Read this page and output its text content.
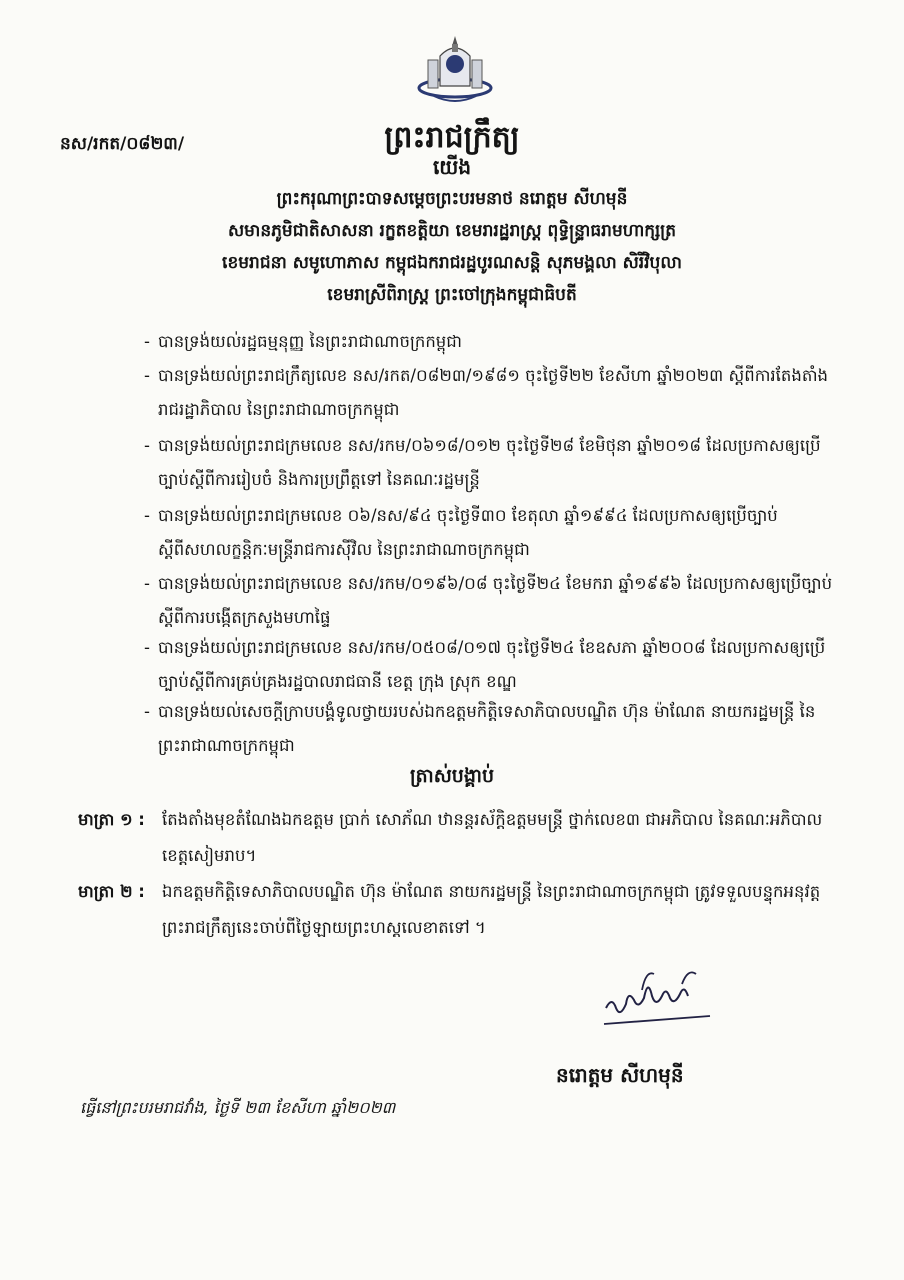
នស/រកត/០៨២៣/	ព្រះរាជក្រឹត្យ
យើង
ព្រះករុណាព្រះបាទសម្តេចព្រះបរមនាថ នរោត្តម សីហមុនី
សមានភូមិជាតិសាសនា រក្ខតខត្តិយា ខេមរារដ្ឋរាស្ត្រ ពុទ្ធិន្ទ្រាធរាមហាក្សត្រ
ខេមរាជនា សមូហោភាស កម្ពុជឯករាជរដ្ឋបូរណសន្តិ សុភមង្គលា សិរីវិបុលា
ខេមរាស្រីពិរាស្ត្រ ព្រះចៅក្រុងកម្ពុជាធិបតី
- បានទ្រង់យល់រដ្ឋធម្មនុញ្ញ នៃព្រះរាជាណាចក្រកម្ពុជា
- បានទ្រង់យល់ព្រះរាជក្រឹត្យលេខ នស/រកត/០៨២៣/១៩៨១ ចុះថ្ងៃទី២២ ខែសីហា ឆ្នាំ២០២៣ ស្តីពីការតែងតាំងរាជរដ្ឋាភិបាល នៃព្រះរាជាណាចក្រកម្ពុជា
- បានទ្រង់យល់ព្រះរាជក្រមលេខ នស/រកម/០៦១៨/០១២ ចុះថ្ងៃទី២៨ ខែមិថុនា ឆ្នាំ២០១៨ ដែលប្រកាសឲ្យប្រើច្បាប់ស្តីពីការរៀបចំ និងការប្រព្រឹត្តទៅ នៃគណៈរដ្ឋមន្ត្រី
- បានទ្រង់យល់ព្រះរាជក្រមលេខ ០៦/នស/៩៤ ចុះថ្ងៃទី៣០ ខែតុលា ឆ្នាំ១៩៩៤ ដែលប្រកាសឲ្យប្រើច្បាប់ស្តីពីសហលក្ខន្តិកៈមន្ត្រីរាជការស៊ីវិល នៃព្រះរាជាណាចក្រកម្ពុជា
- បានទ្រង់យល់ព្រះរាជក្រមលេខ នស/រកម/០១៩៦/០៨ ចុះថ្ងៃទី២៤ ខែមករា ឆ្នាំ១៩៩៦ ដែលប្រកាសឲ្យប្រើច្បាប់ស្តីពីការបង្កើតក្រសួងមហាផ្ទៃ
- បានទ្រង់យល់ព្រះរាជក្រមលេខ នស/រកម/០៥០៨/០១៧ ចុះថ្ងៃទី២៤ ខែឧសភា ឆ្នាំ២០០៨ ដែលប្រកាសឲ្យប្រើច្បាប់ស្តីពីការគ្រប់គ្រងរដ្ឋបាលរាជធានី ខេត្ត ក្រុង ស្រុក ខណ្ឌ
- បានទ្រង់យល់សេចក្តីក្រាបបង្គំទូលថ្វាយរបស់ឯកឧត្តមកិត្តិទេសាភិបាលបណ្ឌិត ហ៊ុន ម៉ាណែត នាយករដ្ឋមន្ត្រី នៃព្រះរាជាណាចក្រកម្ពុជា
ត្រាស់បង្គាប់
មាត្រា ១ :	តែងតាំងមុខតំណែងឯកឧត្តម ប្រាក់ សោភ័ណ ឋានន្តរស័ក្តិឧត្តមមន្ត្រី ថ្នាក់លេខ៣ ជាអភិបាល នៃគណៈអភិបាលខេត្តសៀមរាប។
មាត្រា ២ :	ឯកឧត្តមកិត្តិទេសាភិបាលបណ្ឌិត ហ៊ុន ម៉ាណែត នាយករដ្ឋមន្ត្រី នៃព្រះរាជាណាចក្រកម្ពុជា ត្រូវទទួលបន្ទុកអនុវត្តព្រះរាជក្រឹត្យនេះចាប់ពីថ្ងៃឡាយព្រះហស្តលេខាតទៅ ។
នរោត្តម សីហមុនី
ធ្វើនៅព្រះបរមរាជវាំង, ថ្ងៃទី ២៣ ខែសីហា ឆ្នាំ២០២៣
